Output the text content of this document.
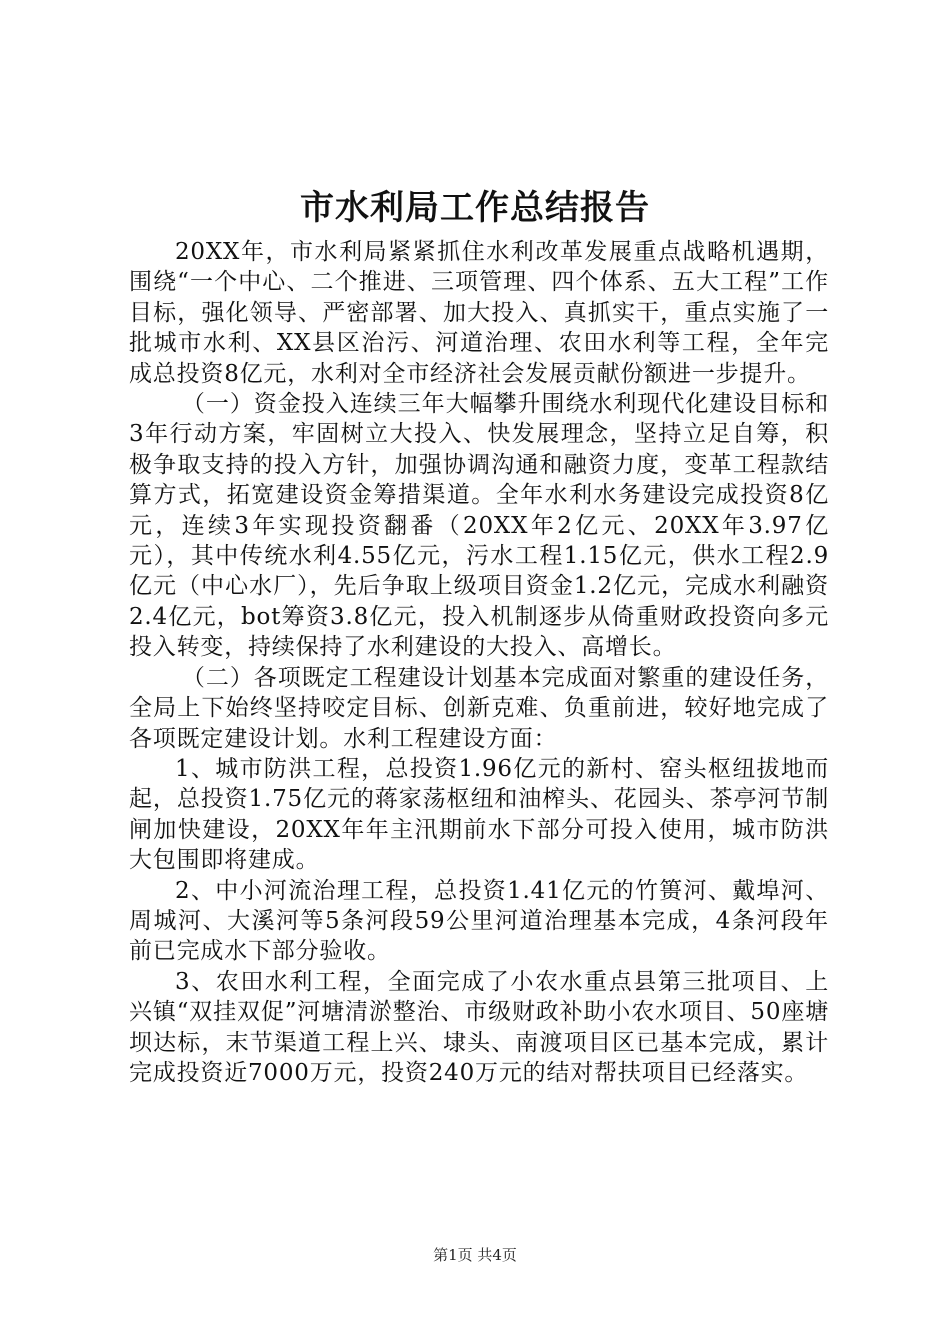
市水利局工作总结报告

20XX年，市水利局紧紧抓住水利改革发展重点战略机遇期，围绕“一个中心、二个推进、三项管理、四个体系、五大工程”工作目标，强化领导、严密部署、加大投入、真抓实干，重点实施了一批城市水利、XX县区治污、河道治理、农田水利等工程，全年完成总投资8亿元，水利对全市经济社会发展贡献份额进一步提升。

（一）资金投入连续三年大幅攀升围绕水利现代化建设目标和3年行动方案，牢固树立大投入、快发展理念，坚持立足自筹，积极争取支持的投入方针，加强协调沟通和融资力度，变革工程款结算方式，拓宽建设资金筹措渠道。全年水利水务建设完成投资8亿元，连续3年实现投资翻番（20XX年2亿元、20XX年3.97亿元），其中传统水利4.55亿元，污水工程1.15亿元，供水工程2.9亿元（中心水厂），先后争取上级项目资金1.2亿元，完成水利融资2.4亿元，bot筹资3.8亿元，投入机制逐步从倚重财政投资向多元投入转变，持续保持了水利建设的大投入、高增长。

（二）各项既定工程建设计划基本完成面对繁重的建设任务，全局上下始终坚持咬定目标、创新克难、负重前进，较好地完成了各项既定建设计划。水利工程建设方面：

1、城市防洪工程，总投资1.96亿元的新村、窑头枢纽拔地而起，总投资1.75亿元的蒋家荡枢纽和油榨头、花园头、茶亭河节制闸加快建设，20XX年年主汛期前水下部分可投入使用，城市防洪大包围即将建成。

2、中小河流治理工程，总投资1.41亿元的竹篑河、戴埠河、周城河、大溪河等5条河段59公里河道治理基本完成，4条河段年前已完成水下部分验收。

3、农田水利工程，全面完成了小农水重点县第三批项目、上兴镇“双挂双促”河塘清淤整治、市级财政补助小农水项目、50座塘坝达标，末节渠道工程上兴、埭头、南渡项目区已基本完成，累计完成投资近7000万元，投资240万元的结对帮扶项目已经落实。

第1页 共4页
